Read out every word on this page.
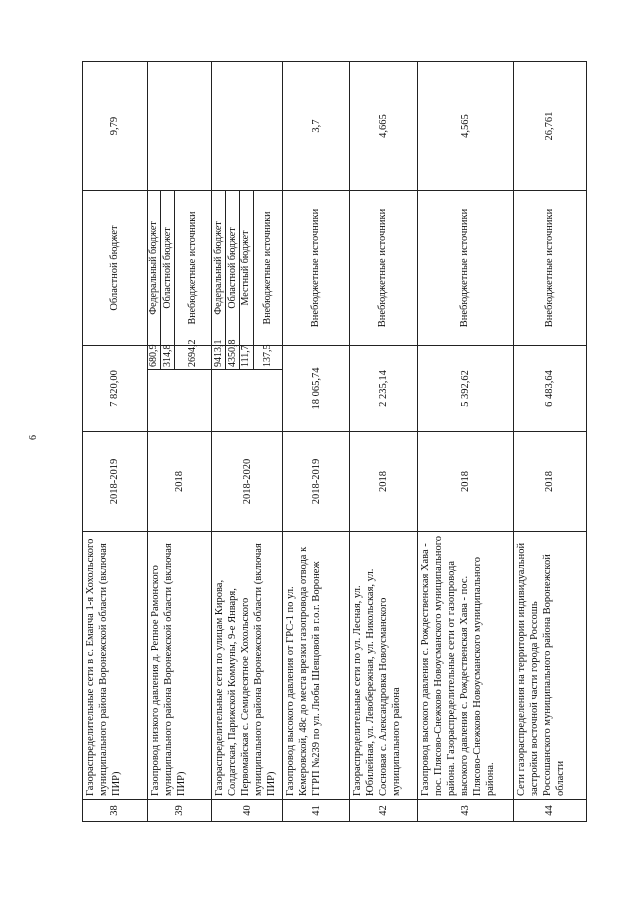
6
38	Газораспределительные сети в с. Еманча 1-я Хохольского муниципального района Воронежской области (включая ПИР)	2018-2019	7 820,00		Областной бюджет	9,79
39	Газопровод низкого давления д. Репное Рамонского муниципального района Воронежской области (включая ПИР)	2018		680,9	Федеральный бюджет	
				314,8	Областной бюджет	
				2694,2	Внебюджетные источники	
40	Газораспределительные сети по улицам Кирова, Солдатская, Парижской Коммуны, 9-е Января, Первомайская с. Семидесятное Хохольского муниципального района Воронежской области (включая ПИР)	2018-2020		9413,1	Федеральный бюджет	
				4350,8	Областной бюджет	
				111,7	Местный бюджет	
				137,5	Внебюджетные источники	
41	Газопровод высокого давления от ГРС-1 по ул. Кемеровской, 48с до места врезки газопровода отвода к ГГРП №239 по ул. Любы Шевцовой в г.о.г. Воронеж	2018-2019	18 065,74		Внебюджетные источники	3,7
42	Газораспределительные сети по ул. Лесная, ул. Юбилейная, ул. Левобережная, ул. Никольская, ул. Сосновая с. Александровка Новоусманского муниципального района	2018	2 235,14		Внебюджетные источники	4,665
43	Газопровод высокого давления с. Рождественская Хава - пос. Плясово-Снежково Новоусманского муниципального района. Газораспределительные сети от газопровода высокого давления с. Рождественская Хава - пос. Плясово-Снежково Новоусманского муниципального района.	2018	5 392,62		Внебюджетные источники	4,565
44	Сети газораспределения на территории индивидуальной застройки восточной части города Россошь Россошанского муниципального района Воронежской области	2018	6 483,64		Внебюджетные источники	26,761
